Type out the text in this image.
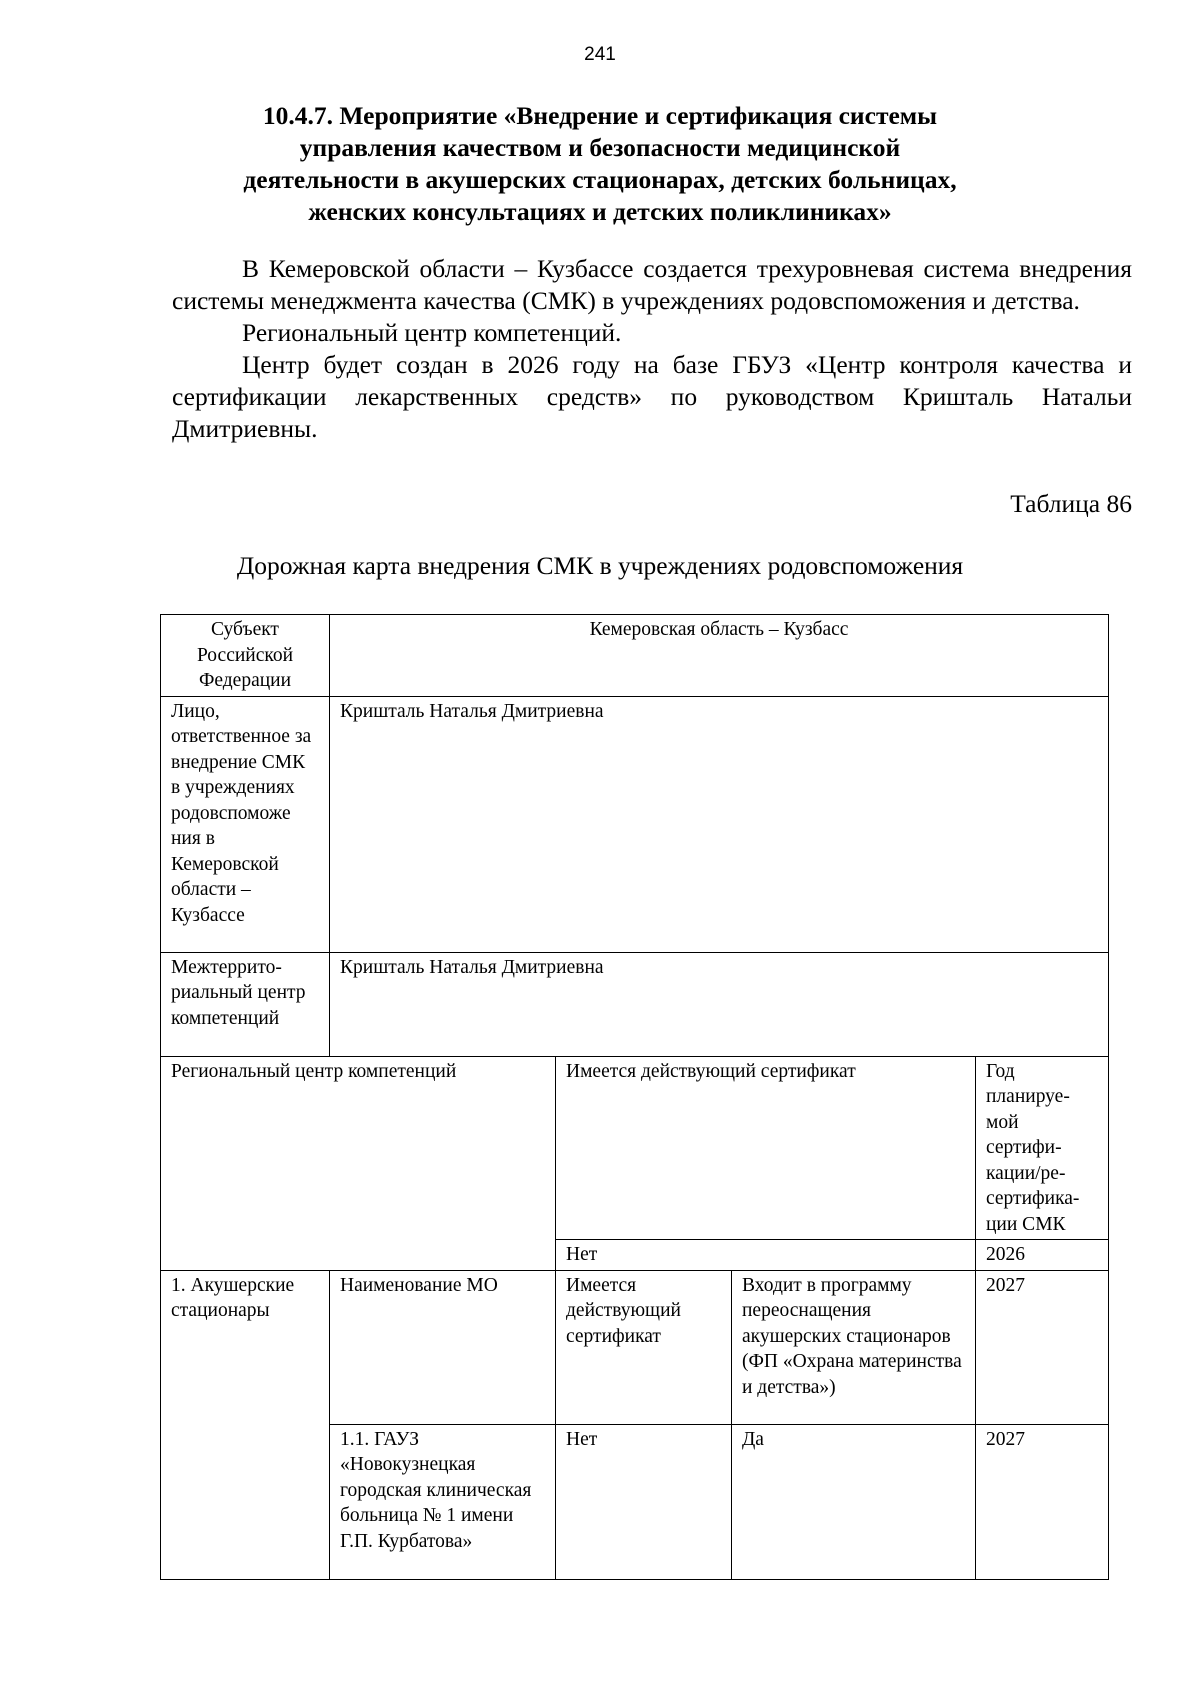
241
10.4.7. Мероприятие «Внедрение и сертификация системы
управления качеством и безопасности медицинской
деятельности в акушерских стационарах, детских больницах,
женских консультациях и детских поликлиниках»

В Кемеровской области – Кузбассе создается трехуровневая система внедрения системы менеджмента качества (СМК) в учреждениях родовспоможения и детства.

Региональный центр компетенций.

Центр будет создан в 2026 году на базе ГБУЗ «Центр контроля качества и сертификации лекарственных средств» по руководством Кришталь Натальи Дмитриевны.

Таблица 86
Дорожная карта внедрения СМК в учреждениях родовспоможения
Субъект Российской Федерации	Кемеровская область – Кузбасс			
Лицо, ответственное за внедрение СМК в учреждениях родовспоможе ния в Кемеровской области – Кузбассе	Кришталь Наталья Дмитриевна			
Межтеррито-риальный центр компетенций	Кришталь Наталья Дмитриевна			
Региональный центр компетенций		Имеется действующий сертификат		Год планируе-мой сертифи-кации/ре-сертифика-ции СМК
		Нет		2026
1. Акушерские стационары	Наименование МО	Имеется действующий сертификат	Входит в программу переоснащения акушерских стационаров (ФП «Охрана материнства и детства»)	2027
	1.1. ГАУЗ «Новокузнецкая городская клиническая больница № 1 имени Г.П. Курбатова»	Нет	Да	2027
